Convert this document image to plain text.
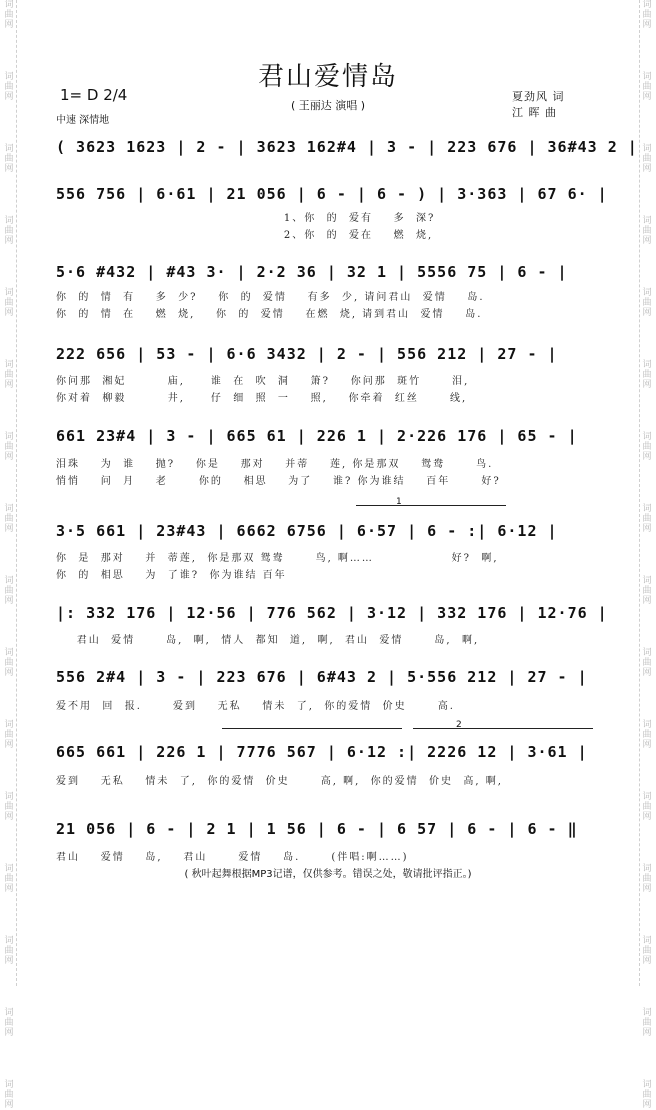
词曲网
词曲网
词曲网
词曲网
词曲网
词曲网
词曲网
词曲网
词曲网
词曲网
词曲网
词曲网
词曲网
词曲网
词曲网
词曲网
词曲网
词曲网
词曲网
词曲网
词曲网
词曲网
词曲网
词曲网
词曲网
词曲网
词曲网
词曲网
词曲网
词曲网
词曲网
词曲网
君山爱情岛
( 王丽达 演唱 )
1= D 2/4
中速 深情地
夏劲风 词
江 晖 曲
( 3623 1623 | 2 - | 3623 162#4 | 3 - | 223 676 | 36#43 2 |
556 756 | 6·61 | 21 056 | 6 - | 6 - ) | 3·363 | 67 6· |
1、你  的  爱有    多  深?
2、你  的  爱在    燃  烧,
5·6 #432 | #43 3· | 2·2 36 | 32 1 | 5556 75 | 6 - |
你  的  情  有    多  少?    你  的  爱情    有多  少, 请问君山  爱情    岛.
你  的  情  在    燃  烧,    你  的  爱情    在燃  烧, 请到君山  爱情    岛.
222 656 | 53 - | 6·6 3432 | 2 - | 556 212 | 27 - |
你问那  湘妃        庙,     谁  在  吹  洞    箫?    你问那  斑竹      泪,
你对着  柳毅        井,     仔  细  照  一    照,    你牵着  红丝      线,
661 23#4 | 3 - | 665 61 | 226 1 | 2·226 176 | 65 - |
泪珠    为  谁    抛?    你是    那对    并蒂    莲, 你是那双    鸳鸯      鸟.
悄悄    问  月    老      你的    相思    为了    谁? 你为谁结    百年      好?
1
3·5 661 | 23#43 | 6662 6756 | 6·57 | 6 - :| 6·12 |
你  是  那对    并  蒂莲,  你是那双 鸳鸯      鸟, 啊……               好?  啊,
你  的  相思    为  了谁?  你为谁结 百年
|: 332 176 | 12·56 | 776 562 | 3·12 | 332 176 | 12·76 |
君山  爱情      岛,  啊,  情人  都知  道,  啊,  君山  爱情      岛,  啊,
556 2#4 | 3 - | 223 676 | 6#43 2 | 5·556 212 | 27 - |
爱不用  回  报.      爱到    无私    情未  了,  你的爱情  价史      高.
2
665 661 | 226 1 | 7776 567 | 6·12 :| 2226 12 | 3·61 |
爱到    无私    情未  了,  你的爱情  价史      高, 啊,  你的爱情  价史  高, 啊,
21 056 | 6 - | 2 1 | 1 56 | 6 - | 6 57 | 6 - | 6 - ‖
君山    爱情    岛,    君山      爱情    岛.      (伴唱:啊……)
( 秋叶起舞根据MP3记谱，仅供参考。错误之处，敬请批评指正。)
